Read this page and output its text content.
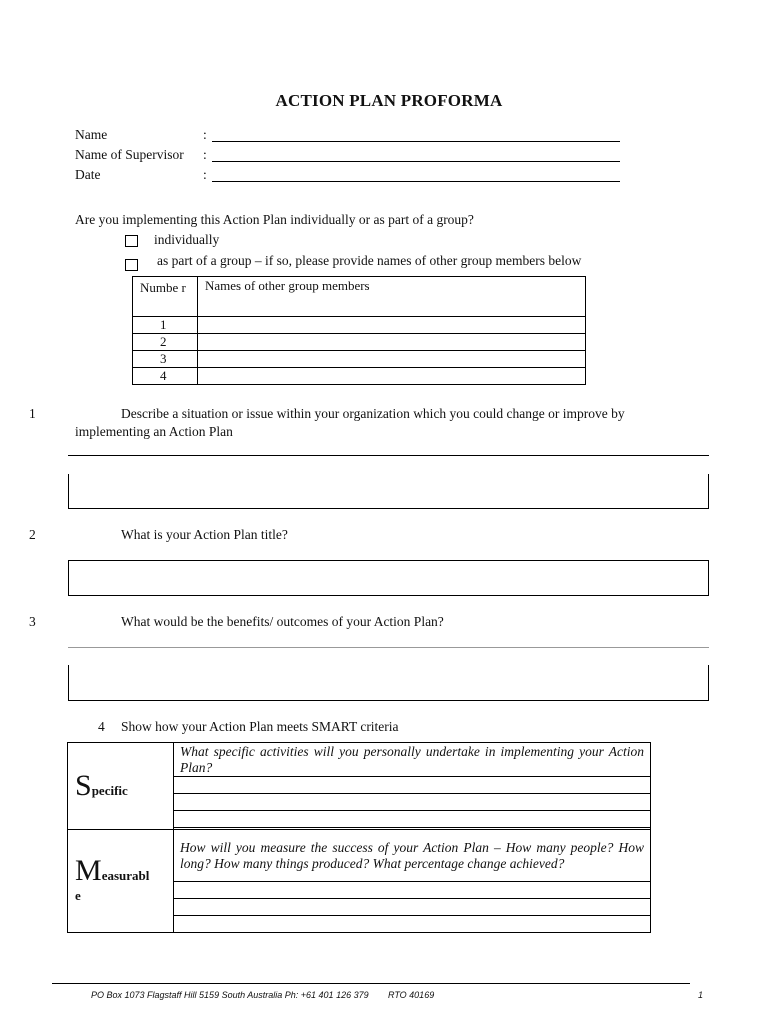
ACTION PLAN PROFORMA
Name	:
Name of Supervisor :
Date	:
Are you implementing this Action Plan individually or as part of a group?
individually
as part of a group – if so, please provide names of other group members below
Numbe r	Names of other group members
1	
2	
3	
4	
1	Describe a situation or issue within your organization which you could change or improve by
implementing an Action Plan
2	What is your Action Plan title?
3	What would be the benefits/ outcomes of your Action Plan?
4 Show how your Action Plan meets SMART criteria
Specific	What specific activities will you personally undertake in implementing your Action Plan?

Measurabl
e	How will you measure the success of your Action Plan – How many people? How long? How many things produced? What percentage change achieved?

PO Box 1073 Flagstaff Hill 5159 South Australia Ph: +61 401 126 379 RTO 40169	1
